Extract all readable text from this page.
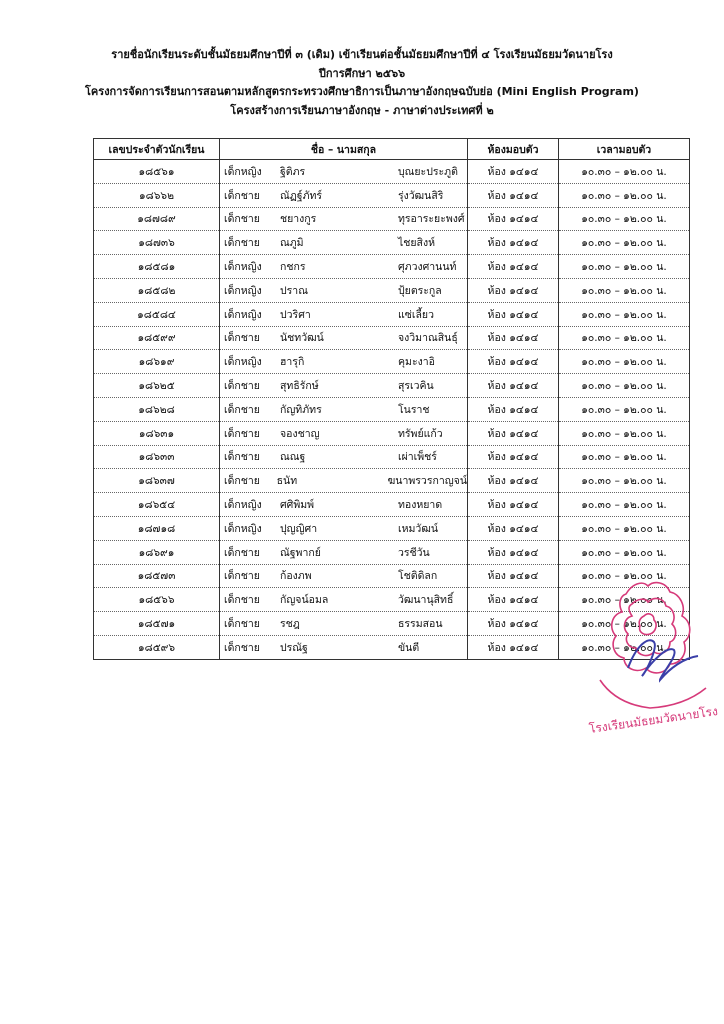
รายชื่อนักเรียนระดับชั้นมัธยมศึกษาปีที่ ๓ (เดิม) เข้าเรียนต่อชั้นมัธยมศึกษาปีที่ ๔ โรงเรียนมัธยมวัดนายโรง
ปีการศึกษา ๒๕๖๖
โครงการจัดการเรียนการสอนตามหลักสูตรกระทรวงศึกษาธิการเป็นภาษาอังกฤษฉบับย่อ (Mini English Program)
โครงสร้างการเรียนภาษาอังกฤษ - ภาษาต่างประเทศที่ ๒
เลขประจำตัวนักเรียน	ชื่อ – นามสกุล	ห้องมอบตัว	เวลามอบตัว
๑๘๕๖๑	เด็กหญิง ฐิติภร บุณยะประภูติ	ห้อง ๑๔๑๔	๑๐.๓๐ – ๑๒.๐๐ น.
๑๘๖๖๒	เด็กชาย ณัฏฐ์ภัทร์ รุ่งวัฒนสิริ	ห้อง ๑๔๑๔	๑๐.๓๐ – ๑๒.๐๐ น.
๑๘๗๘๙	เด็กชาย ชยางกูร ทุรอาระยะพงศ์	ห้อง ๑๔๑๔	๑๐.๓๐ – ๑๒.๐๐ น.
๑๘๗๓๖	เด็กชาย ณภูมิ ไชยสิงห์	ห้อง ๑๔๑๔	๑๐.๓๐ – ๑๒.๐๐ น.
๑๘๕๘๑	เด็กหญิง กชกร ศุภวงศานนท์	ห้อง ๑๔๑๔	๑๐.๓๐ – ๑๒.๐๐ น.
๑๘๕๘๒	เด็กหญิง ปราณ ปุ้ยตระกูล	ห้อง ๑๔๑๔	๑๐.๓๐ – ๑๒.๐๐ น.
๑๘๕๘๔	เด็กหญิง ปวริศา แซ่เลี้ยว	ห้อง ๑๔๑๔	๑๐.๓๐ – ๑๒.๐๐ น.
๑๘๕๙๙	เด็กชาย นัชทวัฒน์ จงวิมาณสินธุ์	ห้อง ๑๔๑๔	๑๐.๓๐ – ๑๒.๐๐ น.
๑๘๖๑๙	เด็กหญิง ฮารุกิ คุมะงาอิ	ห้อง ๑๔๑๔	๑๐.๓๐ – ๑๒.๐๐ น.
๑๘๖๒๕	เด็กชาย สุทธิรักษ์ สุรเวคิน	ห้อง ๑๔๑๔	๑๐.๓๐ – ๑๒.๐๐ น.
๑๘๖๒๘	เด็กชาย กัญทิภัทร โนราช	ห้อง ๑๔๑๔	๑๐.๓๐ – ๑๒.๐๐ น.
๑๘๖๓๑	เด็กชาย จองชาญ ทรัพย์แก้ว	ห้อง ๑๔๑๔	๑๐.๓๐ – ๑๒.๐๐ น.
๑๘๖๓๓	เด็กชาย ณณฐ เผ่าเพ็ชร์	ห้อง ๑๔๑๔	๑๐.๓๐ – ๑๒.๐๐ น.
๑๘๖๓๗	เด็กชาย ธนัท ฆนาพรวรกาญจน์	ห้อง ๑๔๑๔	๑๐.๓๐ – ๑๒.๐๐ น.
๑๘๖๕๔	เด็กหญิง ศศิพิมพ์ ทองหยาด	ห้อง ๑๔๑๔	๑๐.๓๐ – ๑๒.๐๐ น.
๑๘๗๑๘	เด็กหญิง ปุญญิศา เหมวัฒน์	ห้อง ๑๔๑๔	๑๐.๓๐ – ๑๒.๐๐ น.
๑๘๖๙๑	เด็กชาย ณัฐพากย์ วรชีวัน	ห้อง ๑๔๑๔	๑๐.๓๐ – ๑๒.๐๐ น.
๑๘๕๗๓	เด็กชาย ก้องภพ โชติดิลก	ห้อง ๑๔๑๔	๑๐.๓๐ – ๑๒.๐๐ น.
๑๘๕๖๖	เด็กชาย กัญจน์อมล วัฒนานุสิทธิ์	ห้อง ๑๔๑๔	๑๐.๓๐ – ๑๒.๐๐ น.
๑๘๕๗๑	เด็กชาย รชฎ ธรรมสอน	ห้อง ๑๔๑๔	๑๐.๓๐ – ๑๒.๐๐ น.
๑๘๕๙๖	เด็กชาย ปรณัฐ ขันตี	ห้อง ๑๔๑๔	๑๐.๓๐ – ๑๒.๐๐ น.
โรงเรียนมัธยมวัดนายโรง
